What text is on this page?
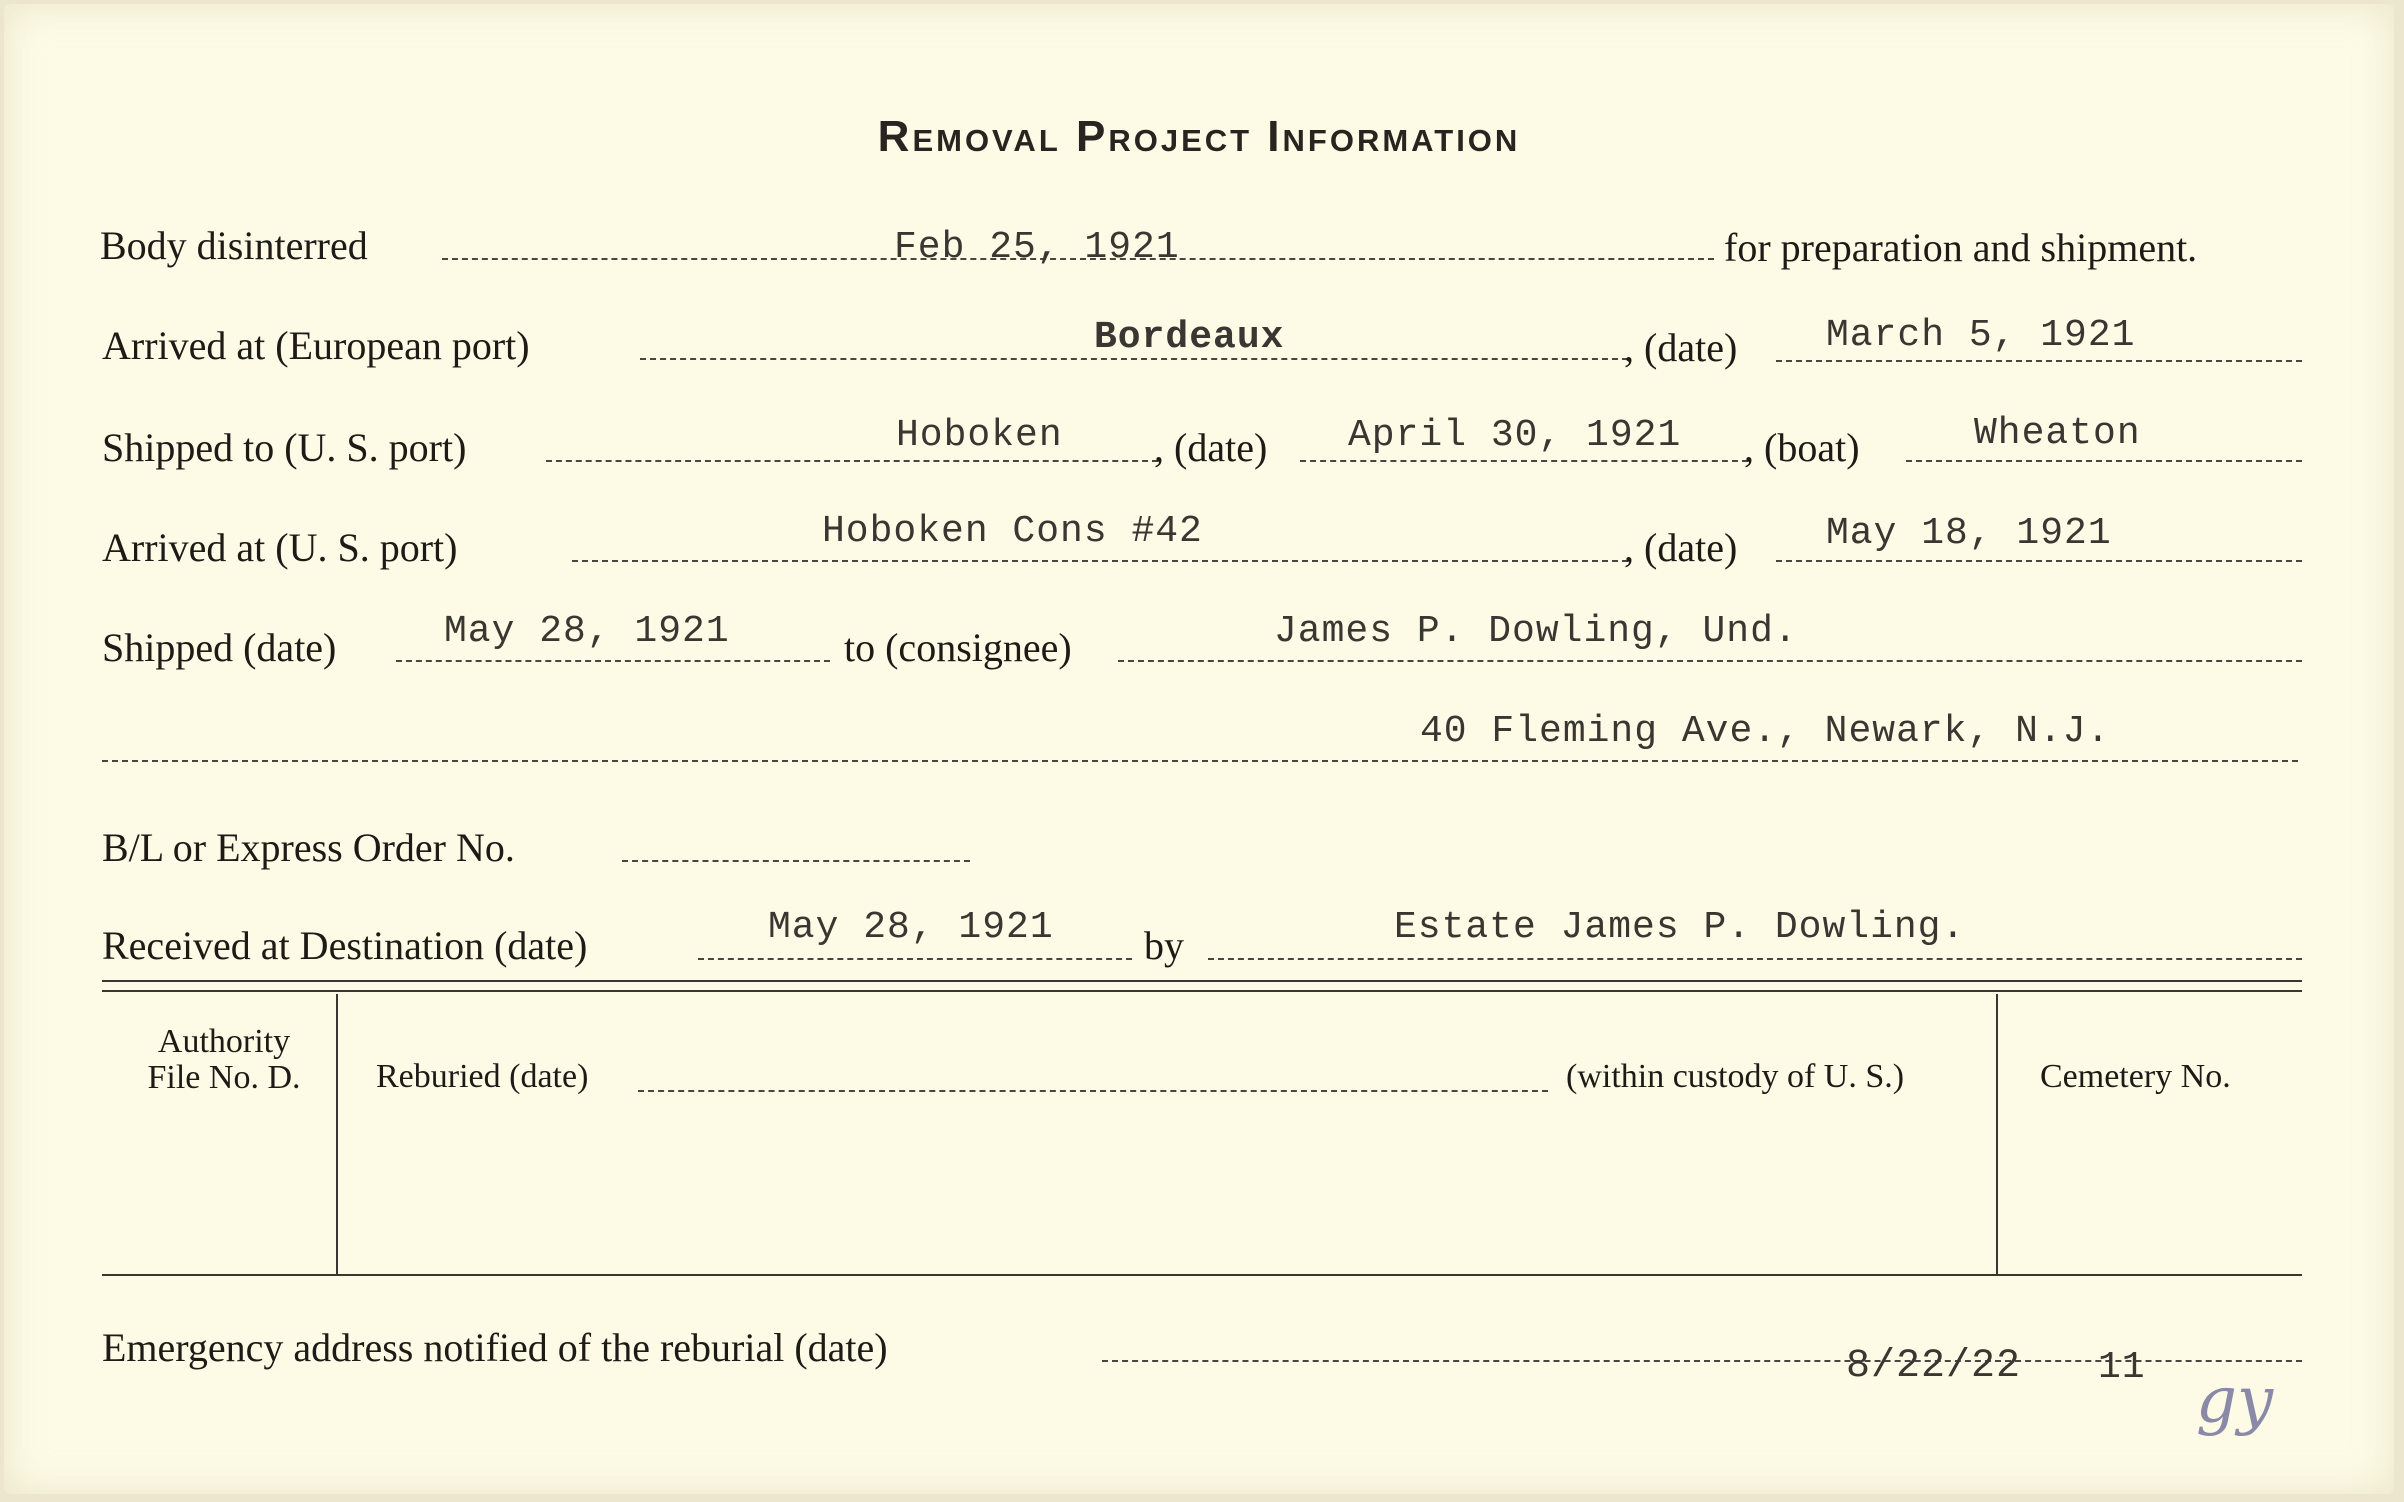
Removal Project Information
Body disinterred	Feb 25, 1921	for preparation and shipment.
Arrived at (European port)	Bordeaux	, (date) March 5, 1921
Shipped to (U. S. port)	Hoboken , (date) April 30, 1921 , (boat)	Wheaton
Arrived at (U. S. port)	Hoboken Cons #42	, (date) May 18, 1921
Shipped (date)	May 28, 1921	to (consignee)	James P. Dowling, Und.
40 Fleming Ave., Newark, N.J.
B/L or Express Order No.
Received at Destination (date)	May 28, 1921 by	Estate James P. Dowling.
Authority
File No. D.	Reburied (date)	(within custody of U. S.)	Cemetery No.
Emergency address notified of the reburial (date)	8/22/22 11 gy
